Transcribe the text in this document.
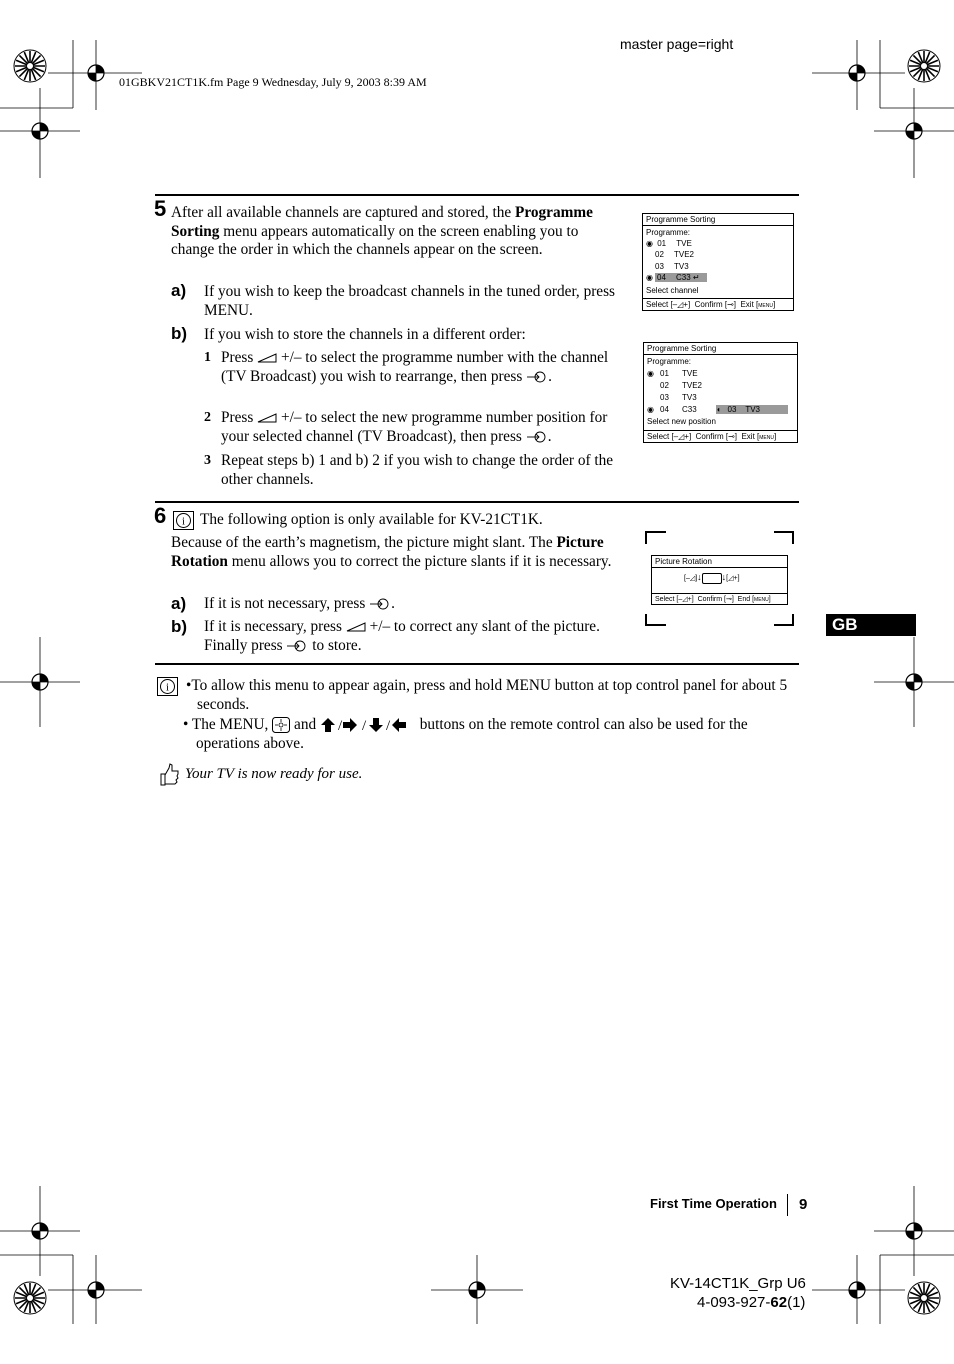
master page=right
01GBKV21CT1K.fm Page 9 Wednesday, July 9, 2003 8:39 AM
5 After all available channels are captured and stored, the Programme Sorting menu appears automatically on the screen enabling you to change the order in which the channels appear on the screen.
a) If you wish to keep the broadcast channels in the tuned order, press MENU.
b) If you wish to store the channels in a different order:
1 Press  +/– to select the programme number with the channel (TV Broadcast) you wish to rearrange, then press .
2 Press  +/– to select the new programme number position for your selected channel (TV Broadcast), then press .
3 Repeat steps b) 1 and b) 2 if you wish to change the order of the other channels.
Programme Sorting
Programme:
◉ 01 TVE
02 TVE2
03 TV3
◉ 04 C33 ↵
Select channel
Select [–◿+]  Confirm [⊸]  Exit [MENU]
Programme Sorting
Programme:
◉ 01 TVE
02 TVE2
03 TV3
◉ 04 C33 ◖ 03 TV3
Select new position
Select [–◿+]  Confirm [⊸]  Exit [MENU]
6 i The following option is only available for KV-21CT1K.
Because of the earth’s magnetism, the picture might slant. The Picture Rotation menu allows you to correct the picture slants if it is necessary.
a) If it is not necessary, press .
b) If it is necessary, press  +/– to correct any slant of the picture. Finally press  to store.
Picture Rotation
[–◿]↓ ↓[◿+]
Select [–◿+]  Confirm [⊸]  End [MENU]
GB
i •To allow this menu to appear again, press and hold MENU button at top control panel for about 5 seconds.
• The MENU,  and / / / buttons on the remote control can also be used for the operations above.
Your TV is now ready for use.
First Time Operation 9
KV-14CT1K_Grp U6
4-093-927-62(1)
